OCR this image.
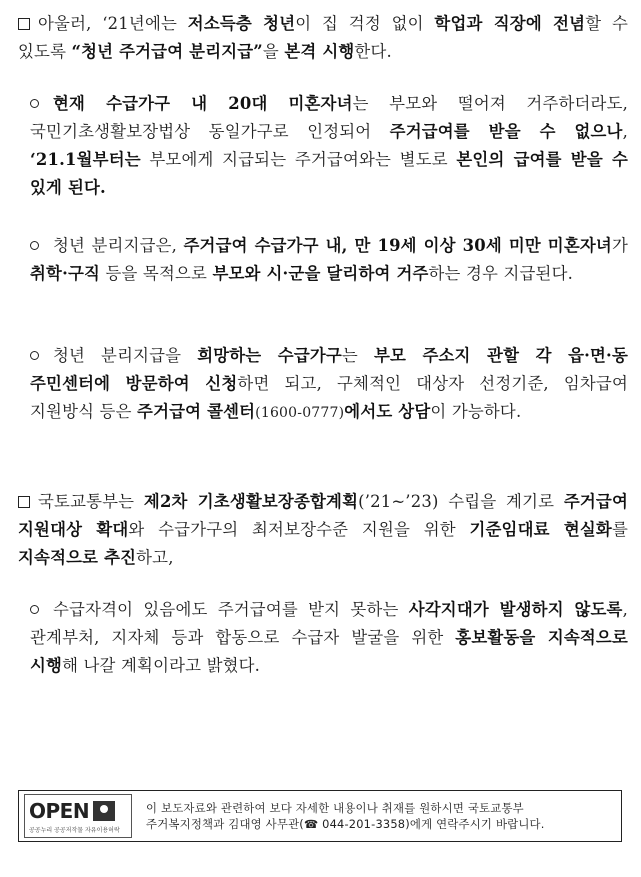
아울러, ‘21년에는 저소득층 청년이 집 걱정 없이 학업과 직장에 전념할 수 있도록 “청년 주거급여 분리지급”을 본격 시행한다.
현재 수급가구 내 20대 미혼자녀는 부모와 떨어져 거주하더라도, 국민기초생활보장법상 동일가구로 인정되어 주거급여를 받을 수 없으나, ‘21.1월부터는 부모에게 지급되는 주거급여와는 별도로 본인의 급여를 받을 수 있게 된다.
청년 분리지급은, 주거급여 수급가구 내, 만 19세 이상 30세 미만 미혼자녀가 취학·구직 등을 목적으로 부모와 시·군을 달리하여 거주하는 경우 지급된다.
청년 분리지급을 희망하는 수급가구는 부모 주소지 관할 각 읍·면·동 주민센터에 방문하여 신청하면 되고, 구체적인 대상자 선정기준, 임차급여 지원방식 등은 주거급여 콜센터(1600-0777)에서도 상담이 가능하다.
국토교통부는 제2차 기초생활보장종합계획(’21~’23) 수립을 계기로 주거급여 지원대상 확대와 수급가구의 최저보장수준 지원을 위한 기준임대료 현실화를 지속적으로 추진하고,
수급자격이 있음에도 주거급여를 받지 못하는 사각지대가 발생하지 않도록, 관계부처, 지자체 등과 합동으로 수급자 발굴을 위한 홍보활동을 지속적으로 시행해 나갈 계획이라고 밝혔다.
OPEN
공공누리 공공저작물 자유이용허락
이 보도자료와 관련하여 보다 자세한 내용이나 취재를 원하시면 국토교통부
주거복지정책과 김대영 사무관(☎ 044-201-3358)에게 연락주시기 바랍니다.
